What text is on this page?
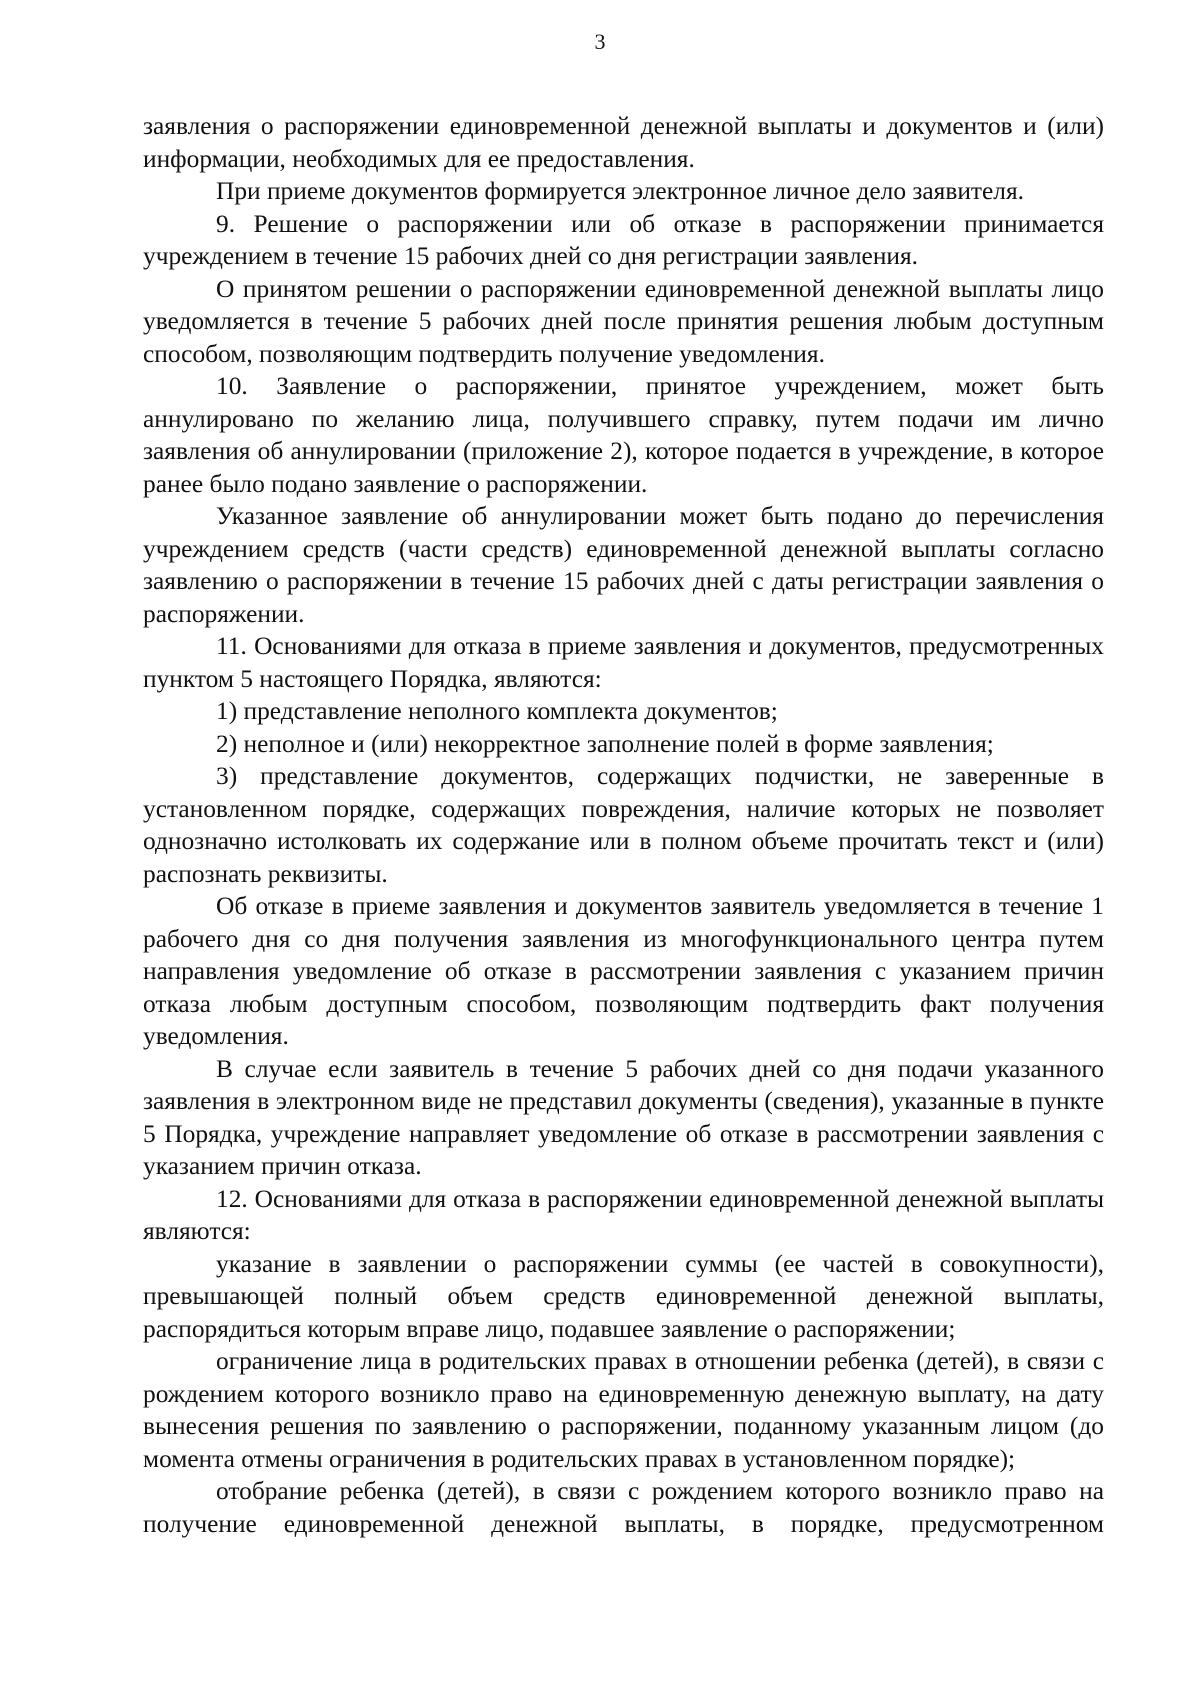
3

заявления о распоряжении единовременной денежной выплаты и документов и (или) информации, необходимых для ее предоставления.

При приеме документов формируется электронное личное дело заявителя.

9. Решение о распоряжении или об отказе в распоряжении принимается учреждением в течение 15 рабочих дней со дня регистрации заявления.

О принятом решении о распоряжении единовременной денежной выплаты лицо уведомляется в течение 5 рабочих дней после принятия решения любым доступным способом, позволяющим подтвердить получение уведомления.

10. Заявление о распоряжении, принятое учреждением, может быть аннулировано по желанию лица, получившего справку, путем подачи им лично заявления об аннулировании (приложение 2), которое подается в учреждение, в которое ранее было подано заявление о распоряжении.

Указанное заявление об аннулировании может быть подано до перечисления учреждением средств (части средств) единовременной денежной выплаты согласно заявлению о распоряжении в течение 15 рабочих дней с даты регистрации заявления о распоряжении.

11. Основаниями для отказа в приеме заявления и документов, предусмотренных пунктом 5 настоящего Порядка, являются:

1) представление неполного комплекта документов;

2) неполное и (или) некорректное заполнение полей в форме заявления;

3) представление документов, содержащих подчистки, не заверенные в установленном порядке, содержащих повреждения, наличие которых не позволяет однозначно истолковать их содержание или в полном объеме прочитать текст и (или) распознать реквизиты.

Об отказе в приеме заявления и документов заявитель уведомляется в течение 1 рабочего дня со дня получения заявления из многофункционального центра путем направления уведомление об отказе в рассмотрении заявления с указанием причин отказа любым доступным способом, позволяющим подтвердить факт получения уведомления.

В случае если заявитель в течение 5 рабочих дней со дня подачи указанного заявления в электронном виде не представил документы (сведения), указанные в пункте 5 Порядка, учреждение направляет уведомление об отказе в рассмотрении заявления с указанием причин отказа.

12. Основаниями для отказа в распоряжении единовременной денежной выплаты являются:

указание в заявлении о распоряжении суммы (ее частей в совокупности), превышающей полный объем средств единовременной денежной выплаты, распорядиться которым вправе лицо, подавшее заявление о распоряжении;

ограничение лица в родительских правах в отношении ребенка (детей), в связи с рождением которого возникло право на единовременную денежную выплату, на дату вынесения решения по заявлению о распоряжении, поданному указанным лицом (до момента отмены ограничения в родительских правах в установленном порядке);

отобрание ребенка (детей), в связи с рождением которого возникло право на получение единовременной денежной выплаты, в порядке, предусмотренном
